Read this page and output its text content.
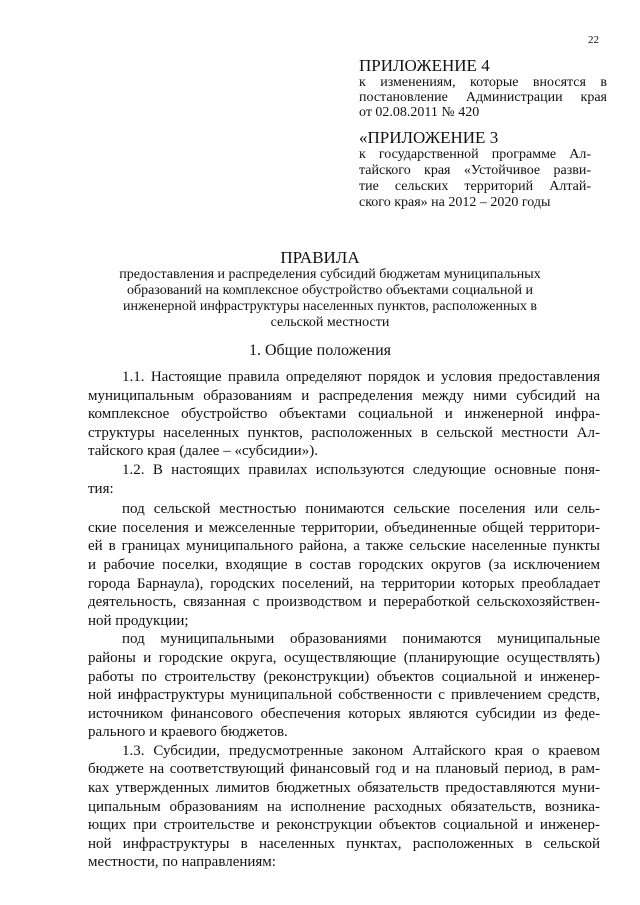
22
ПРИЛОЖЕНИЕ 4
к изменениям, которые вносятся в
постановление Администрации края
от 02.08.2011 № 420
«ПРИЛОЖЕНИЕ 3
к государственной программе Ал-
тайского края «Устойчивое разви-
тие сельских территорий Алтай-
ского края» на 2012 – 2020 годы
ПРАВИЛА
предоставления и распределения субсидий бюджетам муниципальных
образований на комплексное обустройство объектами социальной и
инженерной инфраструктуры населенных пунктов, расположенных в
сельской местности
1. Общие положения
1.1. Настоящие правила определяют порядок и условия предоставления
муниципальным образованиям и распределения между ними субсидий на
комплексное обустройство объектами социальной и инженерной инфра-
структуры населенных пунктов, расположенных в сельской местности Ал-
тайского края (далее – «субсидии»).
1.2. В настоящих правилах используются следующие основные поня-
тия:
под сельской местностью понимаются сельские поселения или сель-
ские поселения и межселенные территории, объединенные общей территори-
ей в границах муниципального района, а также сельские населенные пункты
и рабочие поселки, входящие в состав городских округов (за исключением
города Барнаула), городских поселений, на территории которых преобладает
деятельность, связанная с производством и переработкой сельскохозяйствен-
ной продукции;
под муниципальными образованиями понимаются муниципальные
районы и городские округа, осуществляющие (планирующие осуществлять)
работы по строительству (реконструкции) объектов социальной и инженер-
ной инфраструктуры муниципальной собственности с привлечением средств,
источником финансового обеспечения которых являются субсидии из феде-
рального и краевого бюджетов.
1.3. Субсидии, предусмотренные законом Алтайского края о краевом
бюджете на соответствующий финансовый год и на плановый период, в рам-
ках утвержденных лимитов бюджетных обязательств предоставляются муни-
ципальным образованиям на исполнение расходных обязательств, возника-
ющих при строительстве и реконструкции объектов социальной и инженер-
ной инфраструктуры в населенных пунктах, расположенных в сельской
местности, по направлениям:
